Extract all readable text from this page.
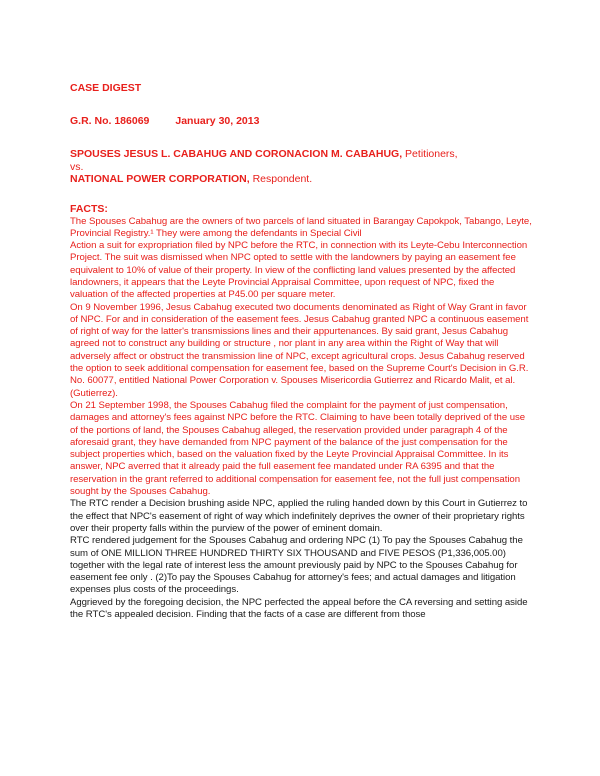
CASE DIGEST
G.R. No. 186069 January 30, 2013
SPOUSES JESUS L. CABAHUG AND CORONACION M. CABAHUG, Petitioners,
vs.
NATIONAL POWER CORPORATION, Respondent.
FACTS:

The Spouses Cabahug are the owners of two parcels of land situated in Barangay Capokpok, Tabango, Leyte, Provincial Registry.¹ They were among the defendants in Special Civil

Action a suit for expropriation filed by NPC before the RTC, in connection with its Leyte-Cebu Interconnection Project. The suit was dismissed when NPC opted to settle with the landowners by paying an easement fee equivalent to 10% of value of their property. In view of the conflicting land values presented by the affected landowners, it appears that the Leyte Provincial Appraisal Committee, upon request of NPC, fixed the valuation of the affected properties at P45.00 per square meter.

On 9 November 1996, Jesus Cabahug executed two documents denominated as Right of Way Grant in favor of NPC. For and in consideration of the easement fees. Jesus Cabahug granted NPC a continuous easement of right of way for the latter's transmissions lines and their appurtenances. By said grant, Jesus Cabahug agreed not to construct any building or structure , nor plant in any area within the Right of Way that will adversely affect or obstruct the transmission line of NPC, except agricultural crops. Jesus Cabahug reserved the option to seek additional compensation for easement fee, based on the Supreme Court's Decision in G.R. No. 60077, entitled National Power Corporation v. Spouses Misericordia Gutierrez and Ricardo Malit, et al. (Gutierrez).

On 21 September 1998, the Spouses Cabahug filed the complaint for the payment of just compensation, damages and attorney's fees against NPC before the RTC. Claiming to have been totally deprived of the use of the portions of land, the Spouses Cabahug alleged, the reservation provided under paragraph 4 of the aforesaid grant, they have demanded from NPC payment of the balance of the just compensation for the subject properties which, based on the valuation fixed by the Leyte Provincial Appraisal Committee. In its answer, NPC averred that it already paid the full easement fee mandated under RA 6395 and that the reservation in the grant referred to additional compensation for easement fee, not the full just compensation sought by the Spouses Cabahug.

The RTC render a Decision brushing aside NPC, applied the ruling handed down by this Court in Gutierrez to the effect that NPC's easement of right of way which indefinitely deprives the owner of their proprietary rights over their property falls within the purview of the power of eminent domain.

RTC rendered judgement for the Spouses Cabahug and ordering NPC (1) To pay the Spouses Cabahug the sum of ONE MILLION THREE HUNDRED THIRTY SIX THOUSAND and FIVE PESOS (P1,336,005.00) together with the legal rate of interest less the amount previously paid by NPC to the Spouses Cabahug for easement fee only . (2)To pay the Spouses Cabahug for attorney's fees; and actual damages and litigation expenses plus costs of the proceedings.

Aggrieved by the foregoing decision, the NPC perfected the appeal before the CA reversing and setting aside the RTC's appealed decision. Finding that the facts of a case are different from those
